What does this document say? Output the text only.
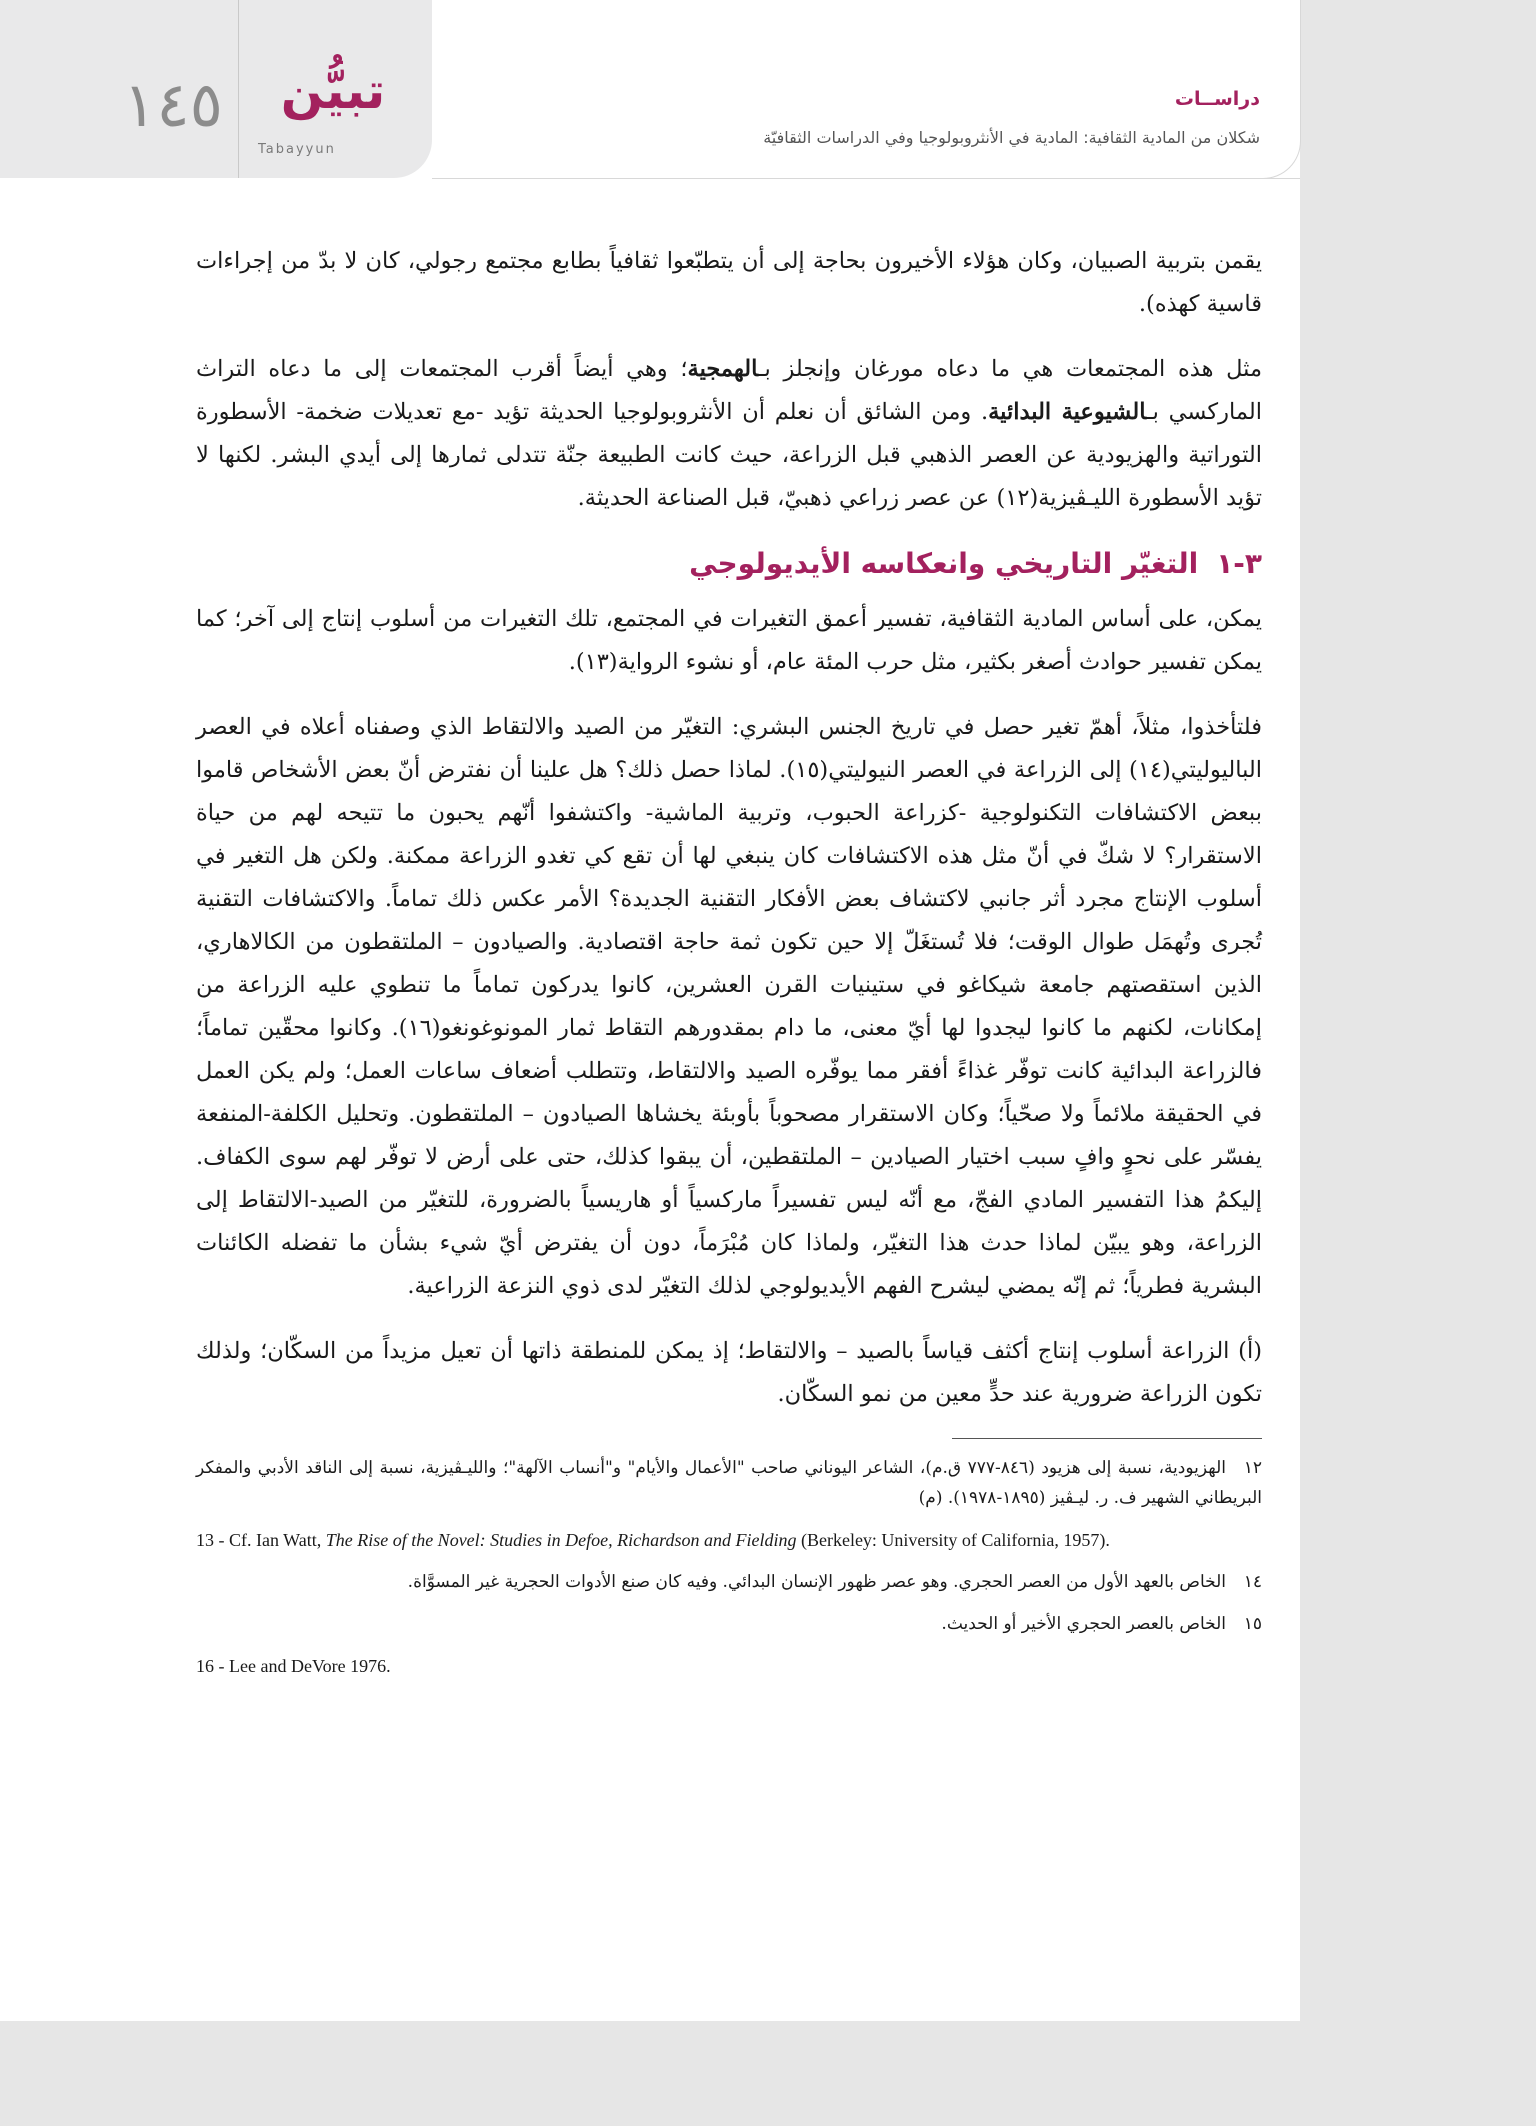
١٤٥	تبيُّن
Tabayyun
دراســات
شكلان من المادية الثقافية: المادية في الأنثروبولوجيا وفي الدراسات الثقافيّة

يقمن بتربية الصبيان، وكان هؤلاء الأخيرون بحاجة إلى أن يتطبّعوا ثقافياً بطابع مجتمع رجولي، كان لا بدّ من إجراءات قاسية كهذه).

مثل هذه المجتمعات هي ما دعاه مورغان وإنجلز بـالهمجية؛ وهي أيضاً أقرب المجتمعات إلى ما دعاه التراث الماركسي بـالشيوعية البدائية. ومن الشائق أن نعلم أن الأنثروبولوجيا الحديثة تؤيد -مع تعديلات ضخمة- الأسطورة التوراتية والهزيودية عن العصر الذهبي قبل الزراعة، حيث كانت الطبيعة جنّة تتدلى ثمارها إلى أيدي البشر. لكنها لا تؤيد الأسطورة الليـڤيزية(١٢) عن عصر زراعي ذهبيّ، قبل الصناعة الحديثة.

٣-١التغيّر التاريخي وانعكاسه الأيديولوجي

يمكن، على أساس المادية الثقافية، تفسير أعمق التغيرات في المجتمع، تلك التغيرات من أسلوب إنتاج إلى آخر؛ كما يمكن تفسير حوادث أصغر بكثير، مثل حرب المئة عام، أو نشوء الرواية(١٣).

فلتأخذوا، مثلاً، أهمّ تغير حصل في تاريخ الجنس البشري: التغيّر من الصيد والالتقاط الذي وصفناه أعلاه في العصر الباليوليتي(١٤) إلى الزراعة في العصر النيوليتي(١٥). لماذا حصل ذلك؟ هل علينا أن نفترض أنّ بعض الأشخاص قاموا ببعض الاكتشافات التكنولوجية -كزراعة الحبوب، وتربية الماشية- واكتشفوا أنّهم يحبون ما تتيحه لهم من حياة الاستقرار؟ لا شكّ في أنّ مثل هذه الاكتشافات كان ينبغي لها أن تقع كي تغدو الزراعة ممكنة. ولكن هل التغير في أسلوب الإنتاج مجرد أثر جانبي لاكتشاف بعض الأفكار التقنية الجديدة؟ الأمر عكس ذلك تماماً. والاكتشافات التقنية تُجرى وتُهمَل طوال الوقت؛ فلا تُستغَلّ إلا حين تكون ثمة حاجة اقتصادية. والصيادون – الملتقطون من الكالاهاري، الذين استقصتهم جامعة شيكاغو في ستينيات القرن العشرين، كانوا يدركون تماماً ما تنطوي عليه الزراعة من إمكانات، لكنهم ما كانوا ليجدوا لها أيّ معنى، ما دام بمقدورهم التقاط ثمار المونوغونغو(١٦). وكانوا محقّين تماماً؛ فالزراعة البدائية كانت توفّر غذاءً أفقر مما يوفّره الصيد والالتقاط، وتتطلب أضعاف ساعات العمل؛ ولم يكن العمل في الحقيقة ملائماً ولا صحّياً؛ وكان الاستقرار مصحوباً بأوبئة يخشاها الصيادون – الملتقطون. وتحليل الكلفة-المنفعة يفسّر على نحوٍ وافٍ سبب اختيار الصيادين – الملتقطين، أن يبقوا كذلك، حتى على أرض لا توفّر لهم سوى الكفاف. إليكمُ هذا التفسير المادي الفجّ، مع أنّه ليس تفسيراً ماركسياً أو هاريسياً بالضرورة، للتغيّر من الصيد-الالتقاط إلى الزراعة، وهو يبيّن لماذا حدث هذا التغيّر، ولماذا كان مُبْرَماً، دون أن يفترض أيّ شيء بشأن ما تفضله الكائنات البشرية فطرياً؛ ثم إنّه يمضي ليشرح الفهم الأيديولوجي لذلك التغيّر لدى ذوي النزعة الزراعية.

(أ) الزراعة أسلوب إنتاج أكثف قياساً بالصيد – والالتقاط؛ إذ يمكن للمنطقة ذاتها أن تعيل مزيداً من السكّان؛ ولذلك تكون الزراعة ضرورية عند حدٍّ معين من نمو السكّان.

١٢الهزيودية، نسبة إلى هزيود (٨٤٦-٧٧٧ ق.م)، الشاعر اليوناني صاحب "الأعمال والأيام" و"أنساب الآلهة"؛ والليـڤيزية، نسبة إلى الناقد الأدبي والمفكر البريطاني الشهير ف. ر. ليـڤيز (١٨٩٥-١٩٧٨). (م)
13 - Cf. Ian Watt, The Rise of the Novel: Studies in Defoe, Richardson and Fielding (Berkeley: University of California, 1957).
١٤الخاص بالعهد الأول من العصر الحجري. وهو عصر ظهور الإنسان البدائي. وفيه كان صنع الأدوات الحجرية غير المسوَّاة.
١٥الخاص بالعصر الحجري الأخير أو الحديث.
16 - Lee and DeVore 1976.
